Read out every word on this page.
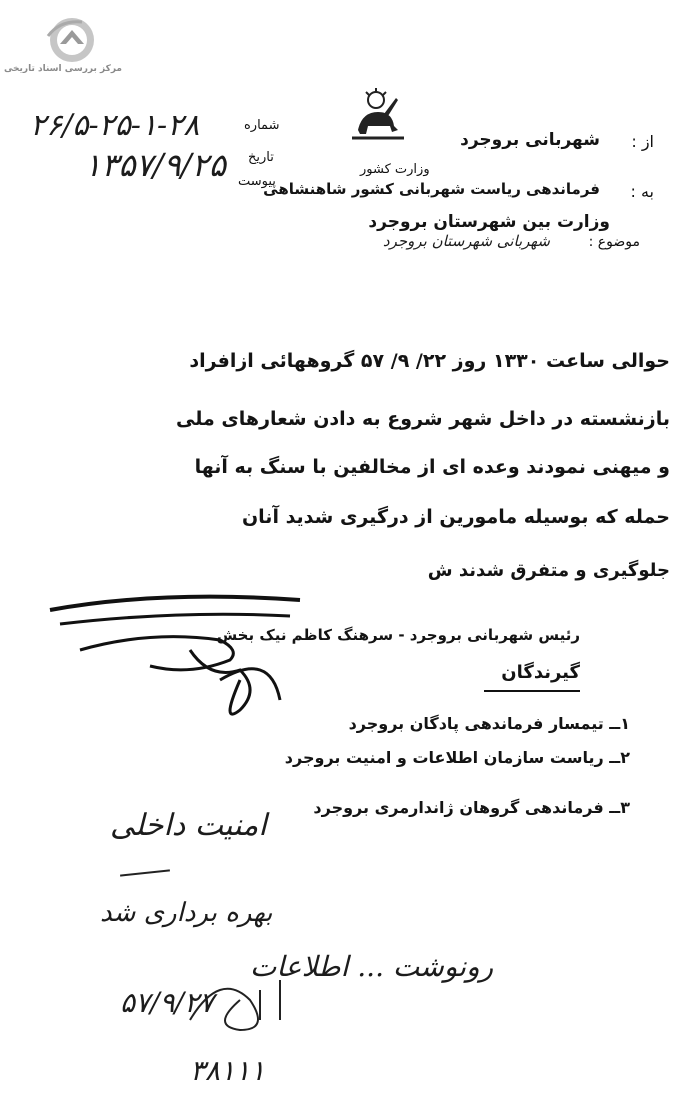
مرکز بررسی اسناد تاریخی
۲۶/۵-۲۵-۱-۲۸	شماره
۱۳۵۷/۹/۲۵ تاریخ
پیوست
از :
شهربانی بروجرد
وزارت کشور
به :
فرماندهی ریاست شهربانی کشور شاهنشاهی
وزارت بین شهرستان بروجرد
موضوع :
شهربانی شهرستان بروجرد
حوالی ساعت ۱۳۳۰ روز ۲۲/ ۹/ ۵۷ گروهها‌ئی ازافراد
بازنشسته در داخل شهر شروع به دادن شعارهای ملی
و میهنی نمودند وعده ای از مخالفین با سنگ به آنها
حمله که بوسیله مامورین از درگیری شدید آنان
جلوگیری و متفرق شدند ش
رئیس شهربانی بروجرد - سرهنگ کاظم نیک بخش
گیرندگان
۱ــ تیمسار فرماندهی پادگان بروجرد
۲ــ ریاست سازمان اطلاعات و امنیت بروجرد
۳ــ فرماندهی گروهان ژاندارمری بروجرد
امنیت داخلی
بهره برداری شد
رونوشت ... اطلاعات
۵۷/۹/۲۷
۳۸۱۱۱
